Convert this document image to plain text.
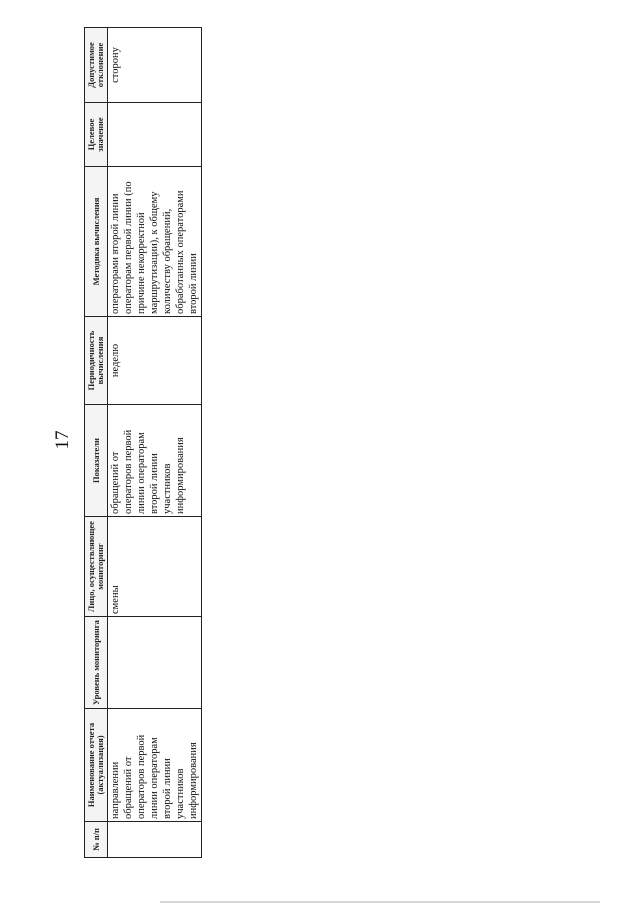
17
№ п/п	Наименование отчета (актуализация)	Уровень мониторинга	Лицо, осуществляющее мониторинг	Показатели	Периодичность вычисления	Методика вычисления	Целевое значение	Допустимое отклонение
	направлении обращений от операторов первой линии операторам второй линии участников информирования		смены	обращений от операторов первой линии операторам второй линии участников информирования	неделю	операторами второй линии операторам первой линии (по причине некорректной маршрутизации), к общему количеству обращений, обработанных операторами второй линии		сторону
